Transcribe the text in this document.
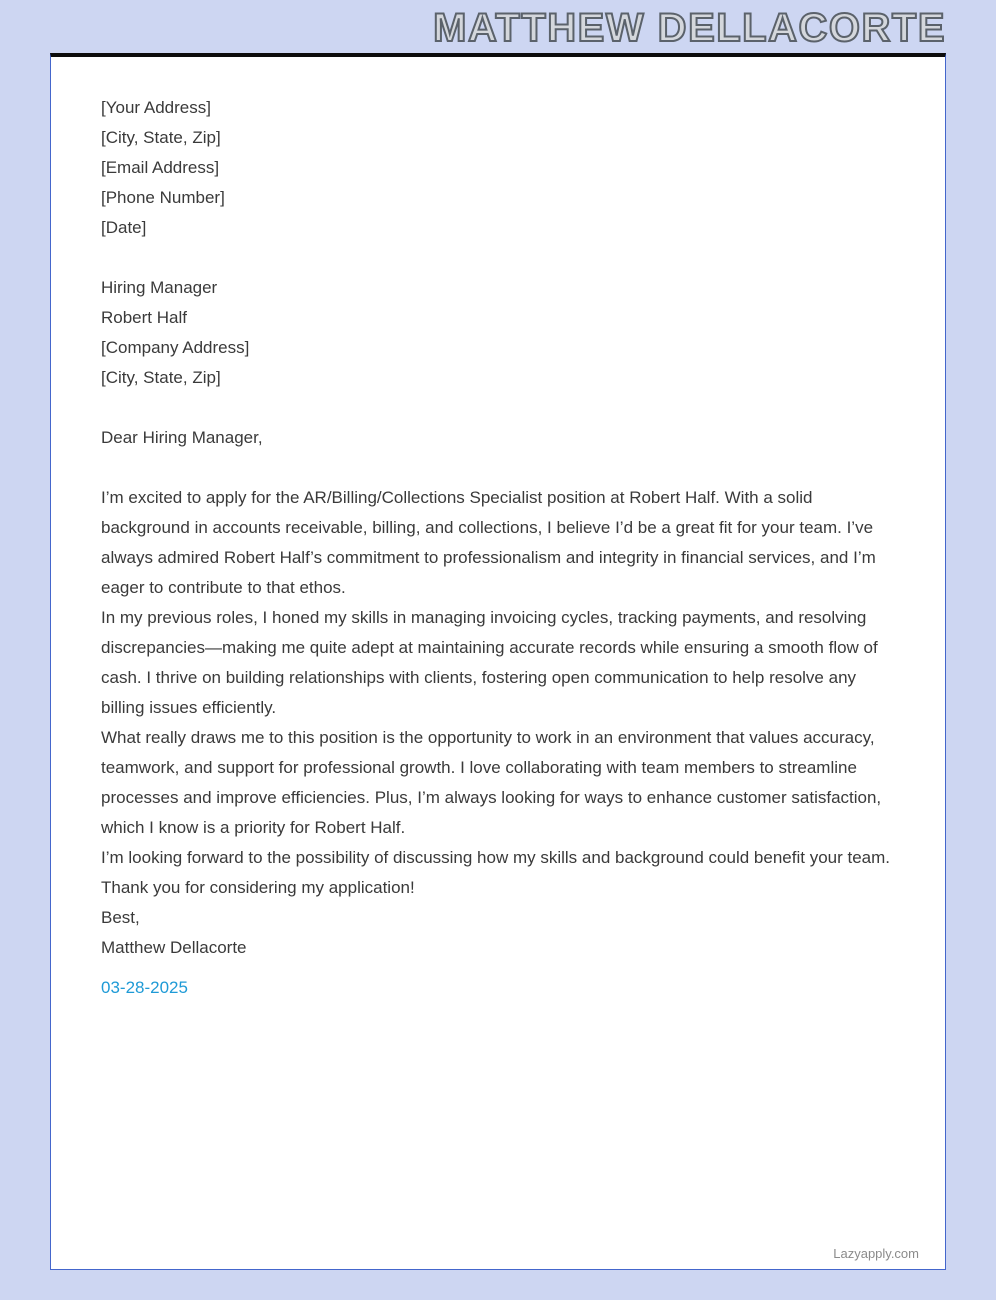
MATTHEW DELLACORTE

[Your Address]

[City, State, Zip]

[Email Address]

[Phone Number]

[Date]

Hiring Manager

Robert Half

[Company Address]

[City, State, Zip]

Dear Hiring Manager,

I’m excited to apply for the AR/Billing/Collections Specialist position at Robert Half. With a solid background in accounts receivable, billing, and collections, I believe I’d be a great fit for your team. I’ve always admired Robert Half’s commitment to professionalism and integrity in financial services, and I’m eager to contribute to that ethos.

In my previous roles, I honed my skills in managing invoicing cycles, tracking payments, and resolving discrepancies—making me quite adept at maintaining accurate records while ensuring a smooth flow of cash. I thrive on building relationships with clients, fostering open communication to help resolve any billing issues efficiently.

What really draws me to this position is the opportunity to work in an environment that values accuracy, teamwork, and support for professional growth. I love collaborating with team members to streamline processes and improve efficiencies. Plus, I’m always looking for ways to enhance customer satisfaction, which I know is a priority for Robert Half.

I’m looking forward to the possibility of discussing how my skills and background could benefit your team. Thank you for considering my application!

Best,

Matthew Dellacorte

03-28-2025

Lazyapply.com
